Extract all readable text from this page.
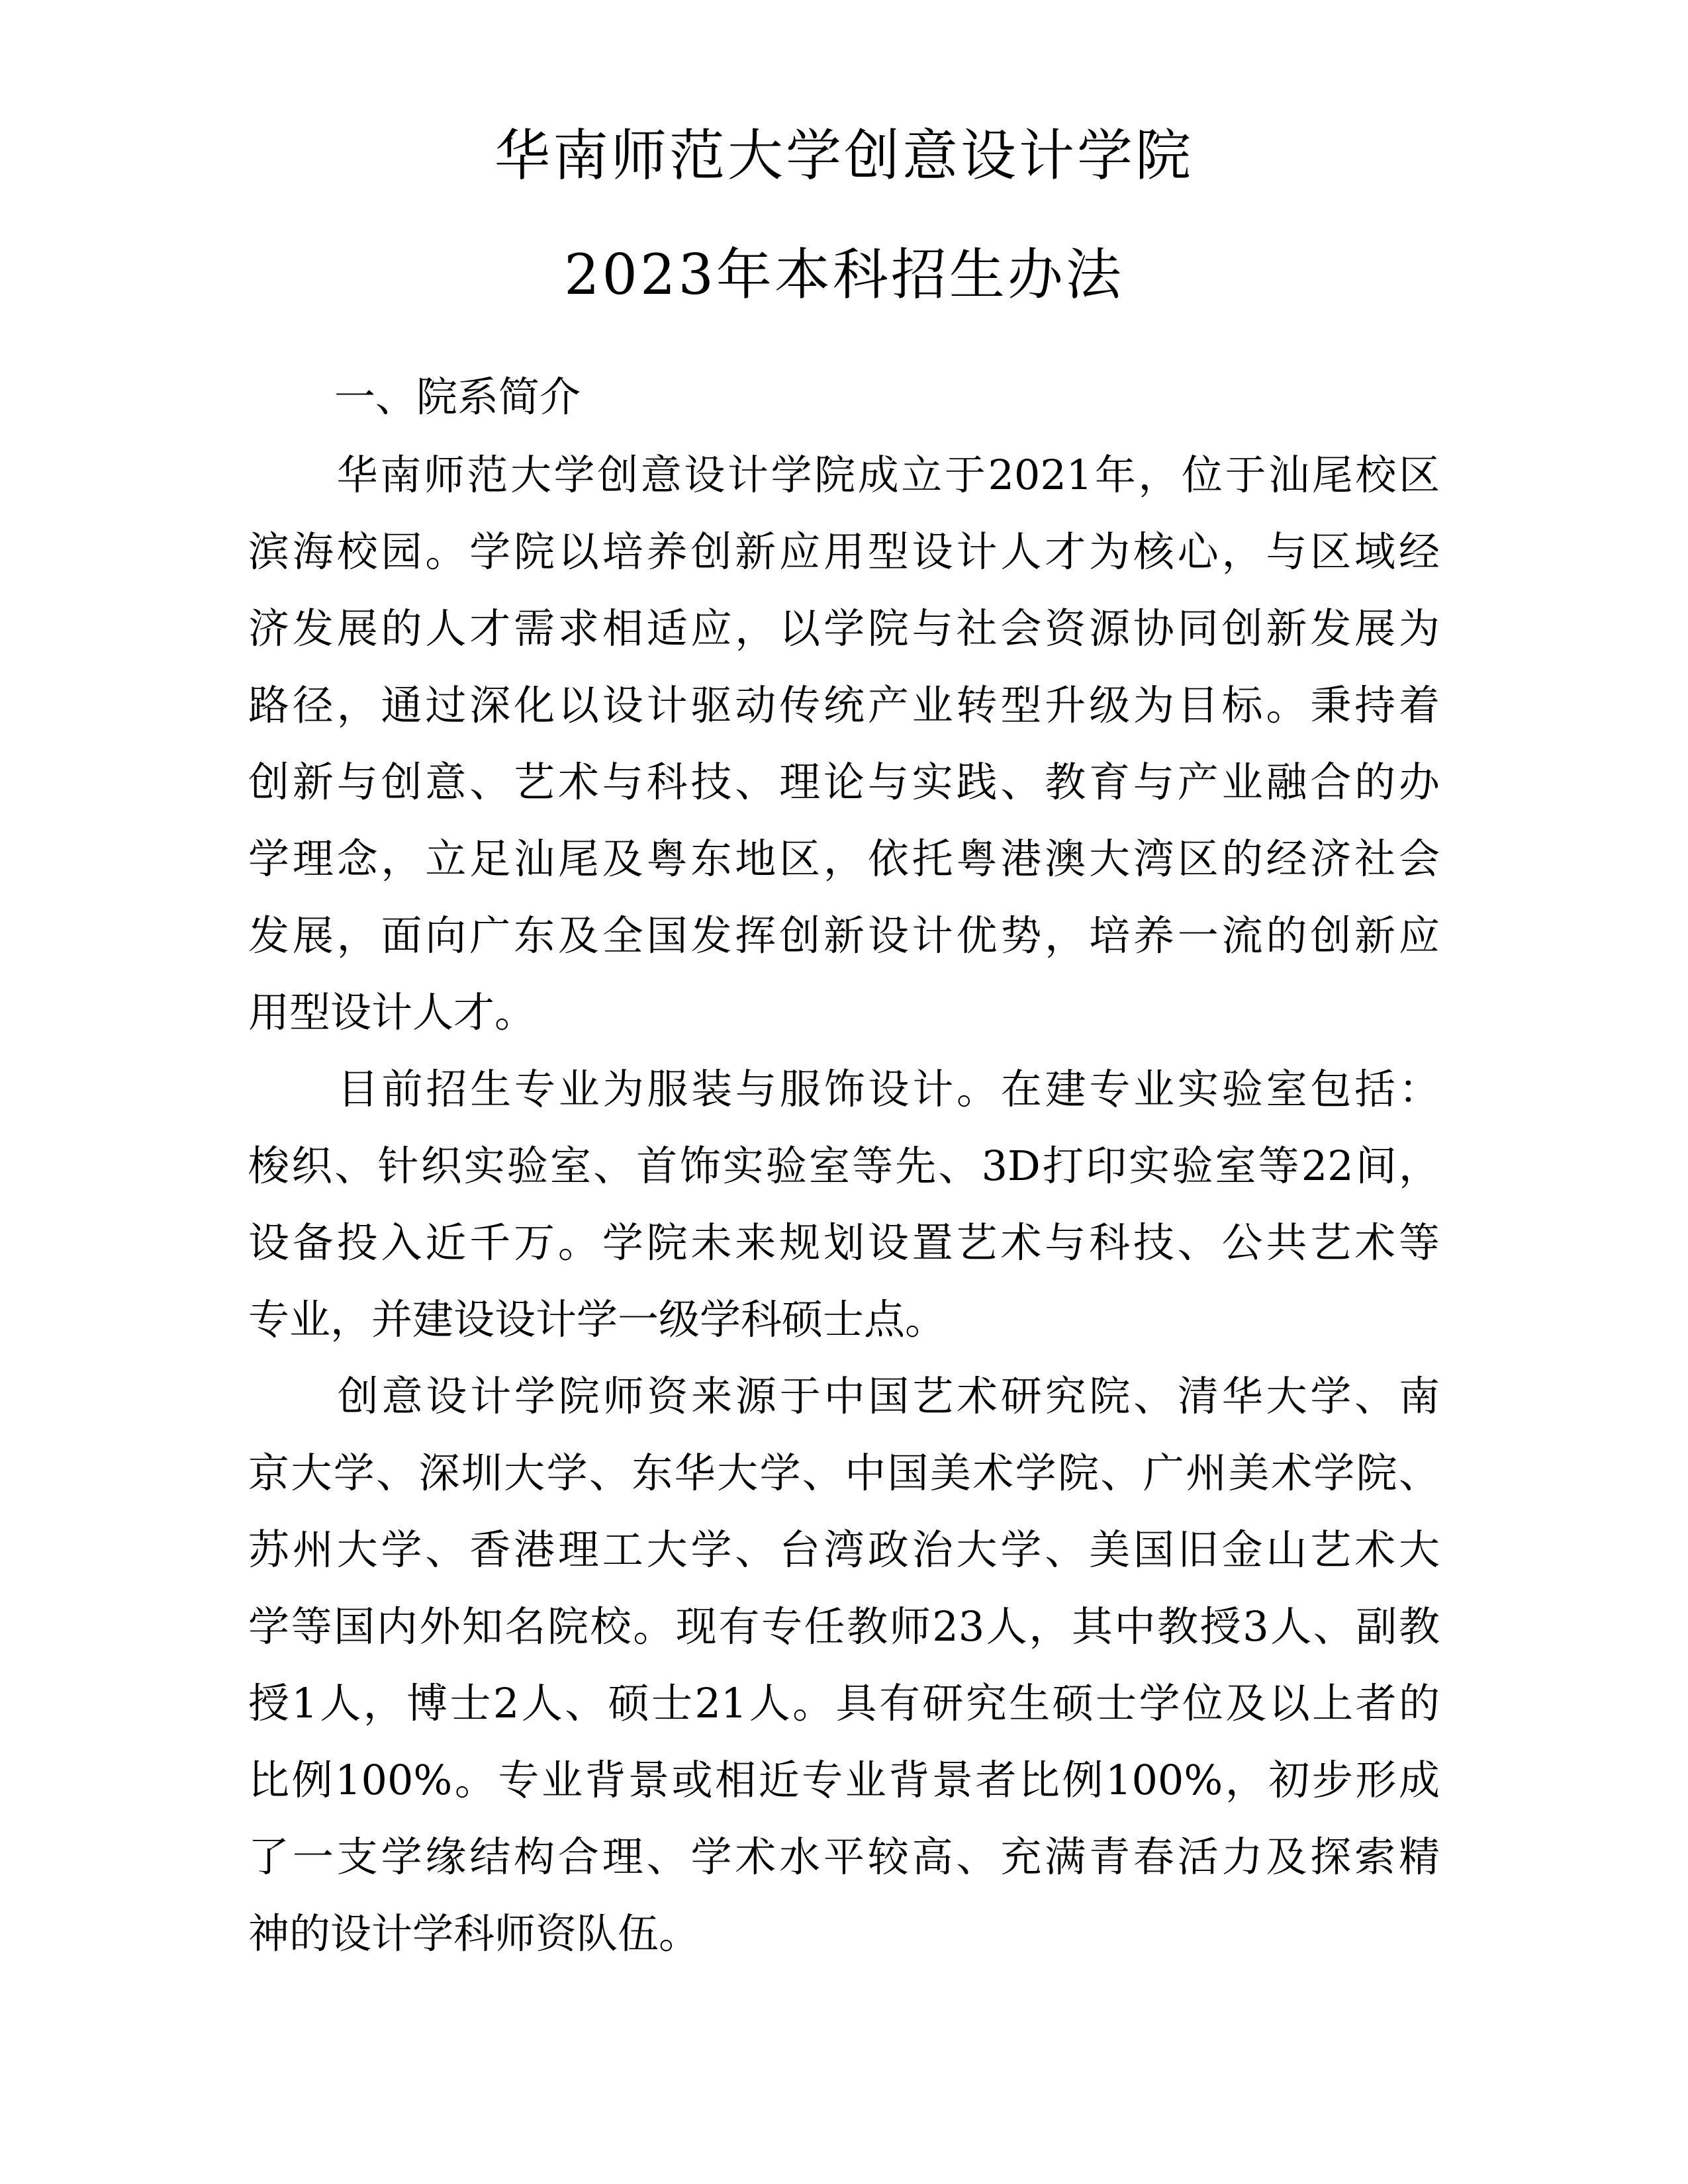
华南师范大学创意设计学院
2023年本科招生办法
一、院系简介

华南师范大学创意设计学院成立于2021年，位于汕尾校区
滨海校园。学院以培养创新应用型设计人才为核心，与区域经
济发展的人才需求相适应，以学院与社会资源协同创新发展为
路径，通过深化以设计驱动传统产业转型升级为目标。秉持着
创新与创意、艺术与科技、理论与实践、教育与产业融合的办
学理念，立足汕尾及粤东地区，依托粤港澳大湾区的经济社会
发展，面向广东及全国发挥创新设计优势，培养一流的创新应
用型设计人才。

目前招生专业为服装与服饰设计。在建专业实验室包括：
梭织、针织实验室、首饰实验室等先、3D打印实验室等22间，
设备投入近千万。学院未来规划设置艺术与科技、公共艺术等
专业，并建设设计学一级学科硕士点。

创意设计学院师资来源于中国艺术研究院、清华大学、南
京大学、深圳大学、东华大学、中国美术学院、广州美术学院、
苏州大学、香港理工大学、台湾政治大学、美国旧金山艺术大
学等国内外知名院校。现有专任教师23人，其中教授3人、副教
授1人，博士2人、硕士21人。具有研究生硕士学位及以上者的
比例100%。专业背景或相近专业背景者比例100%，初步形成
了一支学缘结构合理、学术水平较高、充满青春活力及探索精
神的设计学科师资队伍。
